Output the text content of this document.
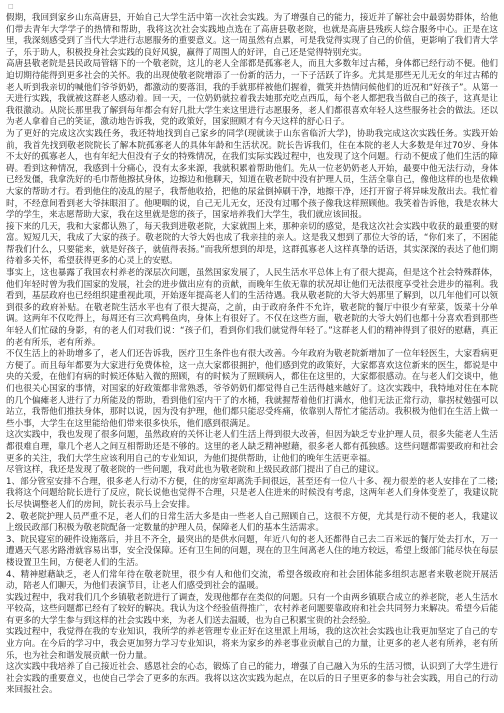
□

假期，我回到家乡山东高唐县，开始自己大学生活中第一次社会实践。为了增强自己的能力，接近并了解社会中最弱势群体，给他们带去青年大学学子的热情和帮助，我将这次社会实践地点选在了高唐县敬老院，也就是高唐县残疾人综合服务中心。正是在这里，我深刻感受到了当代大学进行志愿服务的重要意义。这一周虽然有点累，可是我觉得实现了自己的价值，更影响了我们青大学子，乐于助人，积极投身社会实践的良好风貌，赢得了周围人的好评，自己还是觉得特别充实。

高唐县敬老院是县民政局管辖下的一个敬老院，这儿的老人全部都是孤寡老人，而且大多数年过古稀，身体都已经行动不便。他们迫切期待能得到更多社会的关怀。我的出现使敬老院增添了一份新的活力，一下子活跃了许多。尤其是那些无儿无女的年过古稀的老人听到我亲切的喊他们爷爷奶奶，都激动的要落泪，我的手就那样被他们握着，微笑并热情问候他们的近况和“好孩子”。从第一天进行实践，我就被这群老人感动着。回一天，一位奶奶就拉着我去她那充吃点西瓜，每个老人都把我当做自己的孩子，这真是让我很激动。从院长那里我了解到每年都会有好几批大学生来这里进行志愿服务，老人们都很喜欢年轻人这些服务社会的做法。还以为老人拿着自己的笑证，激动地告诉我，党的政策好，国家照顾才有今天这样的舒心日子。

为了更好的完成这次实践任务，我还特地找到自己家乡的同学(现就读于山东省临沂大学)，协助我完成这次实践任务。实践开始前，我首先找到敬老院院长了解本院孤寡老人的具体年龄和生活状况。院长告诉我们，住在本院的老人大多数是年过70岁、身体不太好的孤寡老人，也有年纪大但没有子女的特殊情况，在我们实际实践过程中，也发现了这个问题。行动不便成了他们生活的障碍。看到这种情况，我感到十分痛心，没有太多来源，我就积累着帮助他们。先从一位老奶奶老人开始，最要中他无法行动，身体已经发僵，我拿洗好的毛巾帮他擦拭身体，边擦边和他聊天，知道在敬老院中没有护理人员，生活全靠自己，像他这样的也是依赖大家的帮助才行。看到他住的凌乱的屋子，我帮他收拾，把他的尿盆倒掉刷干净，地擦干净，还打开窗子将异味发散出去。我忙着时，不经意间看到老大爷抹眼泪了。他哽咽的说，自己无儿无女，还没有过哪个孩子像我这样照顾他。我笑着告诉他，我是农林大学的学生，来志愿帮助大家，我在这里就是您的孩子，国家培养我们大学生，我们就应该回报。

接下来的几天，我和大家都认熟了，每天我到进敬老院，大家就围上来，那种亲切的感觉，是我这次社会实践中收获的最重要的财富。短短几天，我成了大家的孩子。敬老院的大爷大妈也成了我亲挂的亲人。这是我又想到了那位大爷的话，“你们来了，不困能帮我们什么，只要能来，就是好孩子，就值得表扬。”而我所想到的却是，这群孤寡老人这样真挚的话语，其实深深的表达了他们期待着多关怀，希望获得更多的心灵上的安慰。

事实上，这也暴露了我国农村养老的深层次问题，虽然国家发展了，人民生活水平总体上有了很大提高，但是这个社会特殊群体，他们年轻时曾为我们国家的发展，社会的进步做出应有的贡献，而晚年生依无靠的状况却让他们无法很度享受社会进步的福利。我看到，基层政府也已经组织建重视此项，开始逐年提高老人们的生活待遇。我从敬老院的大爷大妈那里了解到，以几年他们可以领到很多的政府补贴。在敬老院生活水平也有了很大提高，之前，由于政府条件不允许，敬老院的餐厅中很少有荤菜，饭菜十分单调。这两年不仅吃得上，每周还有三次鸡鸭鱼肉，身体上有很好了。不仅在这些方面，敬老院的大爷大妈们也都十分喜欢看到那些年轻人们忙碌的身影，有的老人们对我们说：“孩子们，看到你们我们就觉得年轻了。”这群老人们的精神得到了很好的慰藉，真正的老有所乐，老有所养。

不仅生活上的补助增多了，老人们还告诉我，医疗卫生条件也有很大改善。今年政府为敬老院新增加了一位年轻医生，大家看病更方便了。而且每年都要为大家进行免费体检，这一点大家都很拥护，他们感到党的政策好，大家都喜欢这位新来的医生，都说是中央的关爱，在他们有病的时候还体贴入微的照顾，有的时候为了照顾病人，都住在这里的，大家都很感动。在与老人们交谈中，他们也很关心国家的事情，对国家的好政策都非常熟悉，爷爷奶奶们都觉得自己生活得越来越好了。这次实践中，我特地对住在本院的几个偏瘫老人进行了力所能及的帮助，看到他们室内干了的水桶，我就握帮着他们打满水，他们无法正常行动，靠拐杖勉强可以站立，我帮他们推扶身体，那时以说，因为没有护理，他们都只能忍受疼痛，依靠别人帮忙才能活动。我积极为他们在生活上做一些小事，大学生在这里能给他们带来很多快乐，他们感到很满足。

这次实践中，我也发现了很多问题，虽然政府的关怀让老人们生活上得到很大改善，但因为缺乏专业护理人员，很多失能老人生活都很难自理，靠几个老人之间互相帮助还是不够的。这里的老人缺乏精神慰藉，很多老人都有孤独感。这些问题都需要政府和社会更多的关注，我们大学生应该利用自己的专业知识，为他们提供帮助，让他们的晚年生活更幸福。

尽管这样，我还是发现了敬老院的一些问题，我对此也为敬老院和上级民政部门提出了自己的建议。

1、部分管室安排不合理，很多老人行动不方便，住的房室却离洗手间很远，甚至还有一位八十多、视力很差的老人安排在了二楼;我将这个问题给院长进行了反应，院长说他也觉得不合理，只是老人住进来的时候没有考虑，这两年老人们身体变差了，我建议院长尽快调整老人们的房间，院长表示马上会安排。

2、敬老院护理人员严重不足，老人们的日常生活大多是由一些老人自己照顾自己，这很不方便，尤其是行动不便的老人，我建议上级民政部门积极为敬老院配备一定数量的护理人员，保障老人们的基本生活需求。

3、院民寝室的硬件设施落后，并且不齐全，最突出的是供水问题，年近八旬的老人还都得自己去二百米远的餐厅处去打水，万一遭遇天气恶劣路滑就容易出事，安全没保障。还有卫生间的问题，现在的卫生间离老人住的地方较远，希望上级部门能尽快在每层楼设置卫生间，方便老人们的生活。

4、精神慰藉缺乏，老人们常年待在敬老院里，很少有人和他们交流，希望各级政府和社会团体能多组织志愿者来敬老院开展活动，陪老人们聊天，为他们表演节目，让老人们感受到社会的温暖。

实践过程中，我对我们几个乡镇敬老院进行了调查，发现他都存在类似的问题。只有一个由两乡镇联合成立的养老院，老人生活水平较高，这些问题都已经有了较好的解决。我认为这个经验值得推广，农村养老问题要靠政府和社会共同努力来解决。希望今后能有更多的大学生参与到这样的社会实践中来，为老人们送去温暖，也为自己积累宝贵的社会经验。

实践过程中，我觉得在我的专业知识，我所学的养老管理专业正好在这里派上用场，我的这次社会实践也让我更加坚定了自己的专业方向。在今后的学习中，我会更加努力学习专业知识，将来为家乡的养老事业贡献自己的力量，让更多的老人老有所养，老有所乐，也为社会和谐发展贡献一份力量。

这次实践中我培养了自己接近社会、感恩社会的心态，锻炼了自己的能力，增强了自己融入为乐的生活习惯，认识到了大学生进行社会实践的重要意义，也使自己学会了更多的东西。我将以这次实践为起点，在以后的日子里更多的参与社会实践，用自己的行动来回报社会。
